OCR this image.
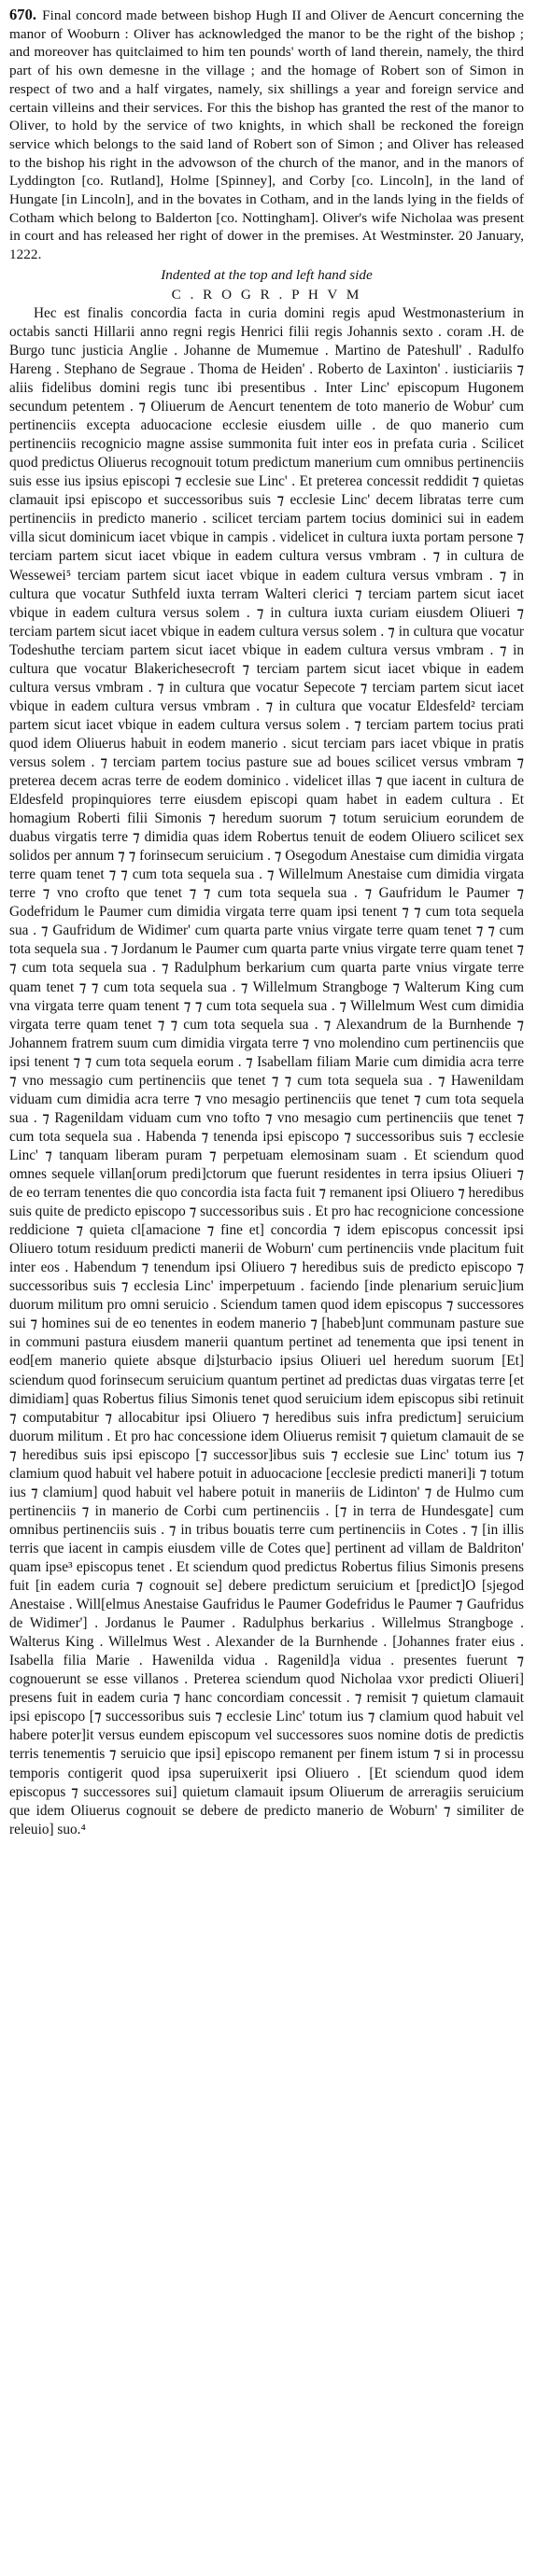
670. Final concord made between bishop Hugh II and Oliver de Aencurt concerning the manor of Wooburn : Oliver has acknowledged the manor to be the right of the bishop ; and moreover has quitclaimed to him ten pounds' worth of land therein, namely, the third part of his own demesne in the village ; and the homage of Robert son of Simon in respect of two and a half virgates, namely, six shillings a year and foreign service and certain villeins and their services. For this the bishop has granted the rest of the manor to Oliver, to hold by the service of two knights, in which shall be reckoned the foreign service which belongs to the said land of Robert son of Simon ; and Oliver has released to the bishop his right in the advowson of the church of the manor, and in the manors of Lyddington [co. Rutland], Holme [Spinney], and Corby [co. Lincoln], in the land of Hungate [in Lincoln], and in the bovates in Cotham, and in the lands lying in the fields of Cotham which belong to Balderton [co. Nottingham]. Oliver's wife Nicholaa was present in court and has released her right of dower in the premises. At Westminster. 20 January, 1222.

Indented at the top and left hand side

C . R O G R . P H V M

Hec est finalis concordia facta in curia domini regis apud Westmonasterium in octabis sancti Hillarii anno regni regis Henrici filii regis Johannis sexto . coram .H. de Burgo tunc justicia Anglie . Johanne de Mumemue . Martino de Pateshull' . Radulfo Hareng . Stephano de Segraue . Thoma de Heiden' . Roberto de Laxinton' . iusticiariis ⁊ aliis fidelibus domini regis tunc ibi presentibus . Inter Linc' episcopum Hugonem secundum petentem . ⁊ Oliuerum de Aencurt tenentem de toto manerio de Wobur' cum pertinenciis excepta aduocacione ecclesie eiusdem uille . de quo manerio cum pertinenciis recognicio magne assise summonita fuit inter eos in prefata curia . Scilicet quod predictus Oliuerus recognouit totum predictum manerium cum omnibus pertinenciis suis esse ius ipsius episcopi ⁊ ecclesie sue Linc' . Et preterea concessit reddidit ⁊ quietas clamauit ipsi episcopo et successoribus suis ⁊ ecclesie Linc' decem libratas terre cum pertinenciis in predicto manerio . scilicet terciam partem tocius dominici sui in eadem villa sicut dominicum iacet vbique in campis . videlicet in cultura iuxta portam persone ⁊ terciam partem sicut iacet vbique in eadem cultura versus vmbram . ⁊ in cultura de Wessewei⁵ terciam partem sicut iacet vbique in eadem cultura versus vmbram . ⁊ in cultura que vocatur Suthfeld iuxta terram Walteri clerici ⁊ terciam partem sicut iacet vbique in eadem cultura versus solem . ⁊ in cultura iuxta curiam eiusdem Oliueri ⁊ terciam partem sicut iacet vbique in eadem cultura versus solem . ⁊ in cultura que vocatur Todeshuthe terciam partem sicut iacet vbique in eadem cultura versus vmbram . ⁊ in cultura que vocatur Blakerichesecroft ⁊ terciam partem sicut iacet vbique in eadem cultura versus vmbram . ⁊ in cultura que vocatur Sepecote ⁊ terciam partem sicut iacet vbique in eadem cultura versus vmbram . ⁊ in cultura que vocatur Eldesfeld² terciam partem sicut iacet vbique in eadem cultura versus solem . ⁊ terciam partem tocius prati quod idem Oliuerus habuit in eodem manerio . sicut terciam pars iacet vbique in pratis versus solem . ⁊ terciam partem tocius pasture sue ad boues scilicet versus vmbram ⁊ preterea decem acras terre de eodem dominico . videlicet illas ⁊ que iacent in cultura de Eldesfeld propinquiores terre eiusdem episcopi quam habet in eadem cultura . Et homagium Roberti filii Simonis ⁊ heredum suorum ⁊ totum seruicium eorundem de duabus virgatis terre ⁊ dimidia quas idem Robertus tenuit de eodem Oliuero scilicet sex solidos per annum ⁊ ⁊ forinsecum seruicium . ⁊ Osegodum Anestaise cum dimidia virgata terre quam tenet ⁊ ⁊ cum tota sequela sua . ⁊ Willelmum Anestaise cum dimidia virgata terre ⁊ vno crofto que tenet ⁊ ⁊ cum tota sequela sua . ⁊ Gaufridum le Paumer ⁊ Godefridum le Paumer cum dimidia virgata terre quam ipsi tenent ⁊ ⁊ cum tota sequela sua . ⁊ Gaufridum de Widimer' cum quarta parte vnius virgate terre quam tenet ⁊ ⁊ cum tota sequela sua . ⁊ Jordanum le Paumer cum quarta parte vnius virgate terre quam tenet ⁊ ⁊ cum tota sequela sua . ⁊ Radulphum berkarium cum quarta parte vnius virgate terre quam tenet ⁊ ⁊ cum tota sequela sua . ⁊ Willelmum Strangboge ⁊ Walterum King cum vna virgata terre quam tenent ⁊ ⁊ cum tota sequela sua . ⁊ Willelmum West cum dimidia virgata terre quam tenet ⁊ ⁊ cum tota sequela sua . ⁊ Alexandrum de la Burnhende ⁊ Johannem fratrem suum cum dimidia virgata terre ⁊ vno molendino cum pertinenciis que ipsi tenent ⁊ ⁊ cum tota sequela eorum . ⁊ Isabellam filiam Marie cum dimidia acra terre ⁊ vno messagio cum pertinenciis que tenet ⁊ ⁊ cum tota sequela sua . ⁊ Hawenildam viduam cum dimidia acra terre ⁊ vno mesagio pertinenciis que tenet ⁊ cum tota sequela sua . ⁊ Ragenildam viduam cum vno tofto ⁊ vno mesagio cum pertinenciis que tenet ⁊ cum tota sequela sua . Habenda ⁊ tenenda ipsi episcopo ⁊ successoribus suis ⁊ ecclesie Linc' ⁊ tanquam liberam puram ⁊ perpetuam elemosinam suam . Et sciendum quod omnes sequele villan[orum predi]ctorum que fuerunt residentes in terra ipsius Oliueri ⁊ de eo terram tenentes die quo concordia ista facta fuit ⁊ remanent ipsi Oliuero ⁊ heredibus suis quite de predicto episcopo ⁊ successoribus suis . Et pro hac recognicione concessione reddicione ⁊ quieta cl[amacione ⁊ fine et] concordia ⁊ idem episcopus concessit ipsi Oliuero totum residuum predicti manerii de Woburn' cum pertinenciis vnde placitum fuit inter eos . Habendum ⁊ tenendum ipsi Oliuero ⁊ heredibus suis de predicto episcopo ⁊ successoribus suis ⁊ ecclesia Linc' imperpetuum . faciendo [inde plenarium seruic]ium duorum militum pro omni seruicio . Sciendum tamen quod idem episcopus ⁊ successores sui ⁊ homines sui de eo tenentes in eodem manerio ⁊ [habeb]unt communam pasture sue in communi pastura eiusdem manerii quantum pertinet ad tenementa que ipsi tenent in eod[em manerio quiete absque di]sturbacio ipsius Oliueri uel heredum suorum [Et] sciendum quod forinsecum seruicium quantum pertinet ad predictas duas virgatas terre [et dimidiam] quas Robertus filius Simonis tenet quod seruicium idem episcopus sibi retinuit ⁊ computabitur ⁊ allocabitur ipsi Oliuero ⁊ heredibus suis infra predictum] seruicium duorum militum . Et pro hac concessione idem Oliuerus remisit ⁊ quietum clamauit de se ⁊ heredibus suis ipsi episcopo [⁊ successor]ibus suis ⁊ ecclesie sue Linc' totum ius ⁊ clamium quod habuit vel habere potuit in aduocacione [ecclesie predicti maneri]i ⁊ totum ius ⁊ clamium] quod habuit vel habere potuit in maneriis de Lidinton' ⁊ de Hulmo cum pertinenciis ⁊ in manerio de Corbi cum pertinenciis . [⁊ in terra de Hundesgate] cum omnibus pertinenciis suis . ⁊ in tribus bouatis terre cum pertinenciis in Cotes . ⁊ [in illis terris que iacent in campis eiusdem ville de Cotes que] pertinent ad villam de Baldriton' quam ipse³ episcopus tenet . Et sciendum quod predictus Robertus filius Simonis presens fuit [in eadem curia ⁊ cognouit se] debere predictum seruicium et [predict]O [sjegod Anestaise . Will[elmus Anestaise Gaufridus le Paumer Godefridus le Paumer ⁊ Gaufridus de Widimer'] . Jordanus le Paumer . Radulphus berkarius . Willelmus Strangboge . Walterus King . Willelmus West . Alexander de la Burnhende . [Johannes frater eius . Isabella filia Marie . Hawenilda vidua . Ragenild]a vidua . presentes fuerunt ⁊ cognouerunt se esse villanos . Preterea sciendum quod Nicholaa vxor predicti Oliueri] presens fuit in eadem curia ⁊ hanc concordiam concessit . ⁊ remisit ⁊ quietum clamauit ipsi episcopo [⁊ successoribus suis ⁊ ecclesie Linc' totum ius ⁊ clamium quod habuit vel habere poter]it versus eundem episcopum vel successores suos nomine dotis de predictis terris tenementis ⁊ seruicio que ipsi] episcopo remanent per finem istum ⁊ si in processu temporis contigerit quod ipsa superuixerit ipsi Oliuero . [Et sciendum quod idem episcopus ⁊ successores sui] quietum clamauit ipsum Oliuerum de arreragiis seruicium que idem Oliuerus cognouit se debere de predicto manerio de Woburn' ⁊ similiter de releuio] suo.⁴
